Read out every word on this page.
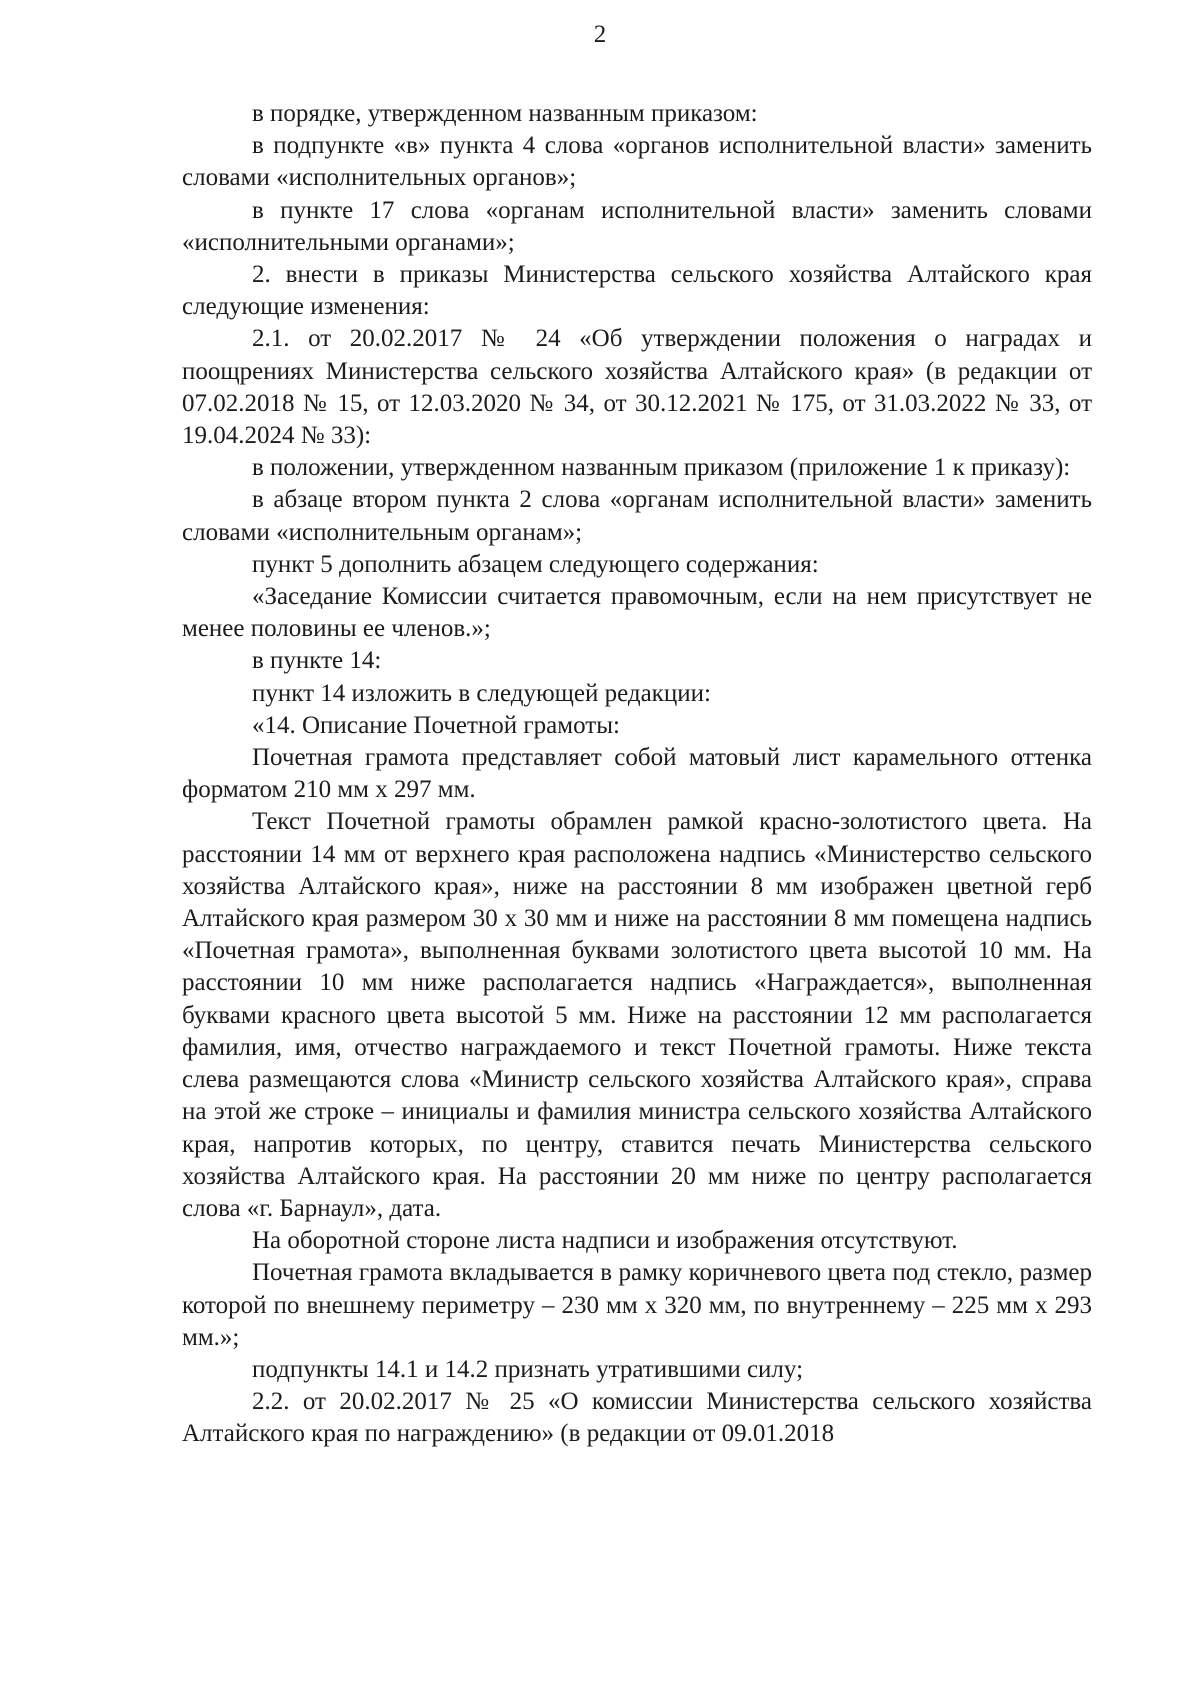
2

в порядке, утвержденном названным приказом:

в подпункте «в» пункта 4 слова «органов исполнительной власти» заменить словами «исполнительных органов»;

в пункте 17 слова «органам исполнительной власти» заменить словами «исполнительными органами»;

2. внести в приказы Министерства сельского хозяйства Алтайского края следующие изменения:

2.1. от 20.02.2017 № 24 «Об утверждении положения о наградах и поощрениях Министерства сельского хозяйства Алтайского края» (в редакции от 07.02.2018 № 15, от 12.03.2020 № 34, от 30.12.2021 № 175, от 31.03.2022 № 33, от 19.04.2024 № 33):

в положении, утвержденном названным приказом (приложение 1 к приказу):

в абзаце втором пункта 2 слова «органам исполнительной власти» заменить словами «исполнительным органам»;

пункт 5 дополнить абзацем следующего содержания:

«Заседание Комиссии считается правомочным, если на нем присутствует не менее половины ее членов.»;

в пункте 14:

пункт 14 изложить в следующей редакции:

«14. Описание Почетной грамоты:

Почетная грамота представляет собой матовый лист карамельного оттенка форматом 210 мм х 297 мм.

Текст Почетной грамоты обрамлен рамкой красно-золотистого цвета. На расстоянии 14 мм от верхнего края расположена надпись «Министерство сельского хозяйства Алтайского края», ниже на расстоянии 8 мм изображен цветной герб Алтайского края размером 30 х 30 мм и ниже на расстоянии 8 мм помещена надпись «Почетная грамота», выполненная буквами золотистого цвета высотой 10 мм. На расстоянии 10 мм ниже располагается надпись «Награждается», выполненная буквами красного цвета высотой 5 мм. Ниже на расстоянии 12 мм располагается фамилия, имя, отчество награждаемого и текст Почетной грамоты. Ниже текста слева размещаются слова «Министр сельского хозяйства Алтайского края», справа на этой же строке – инициалы и фамилия министра сельского хозяйства Алтайского края, напротив которых, по центру, ставится печать Министерства сельского хозяйства Алтайского края. На расстоянии 20 мм ниже по центру располагается слова «г. Барнаул», дата.

На оборотной стороне листа надписи и изображения отсутствуют.

Почетная грамота вкладывается в рамку коричневого цвета под стекло, размер которой по внешнему периметру – 230 мм х 320 мм, по внутреннему – 225 мм х 293 мм.»;

подпункты 14.1 и 14.2 признать утратившими силу;

2.2. от 20.02.2017 № 25 «О комиссии Министерства сельского хозяйства Алтайского края по награждению» (в редакции от 09.01.2018
